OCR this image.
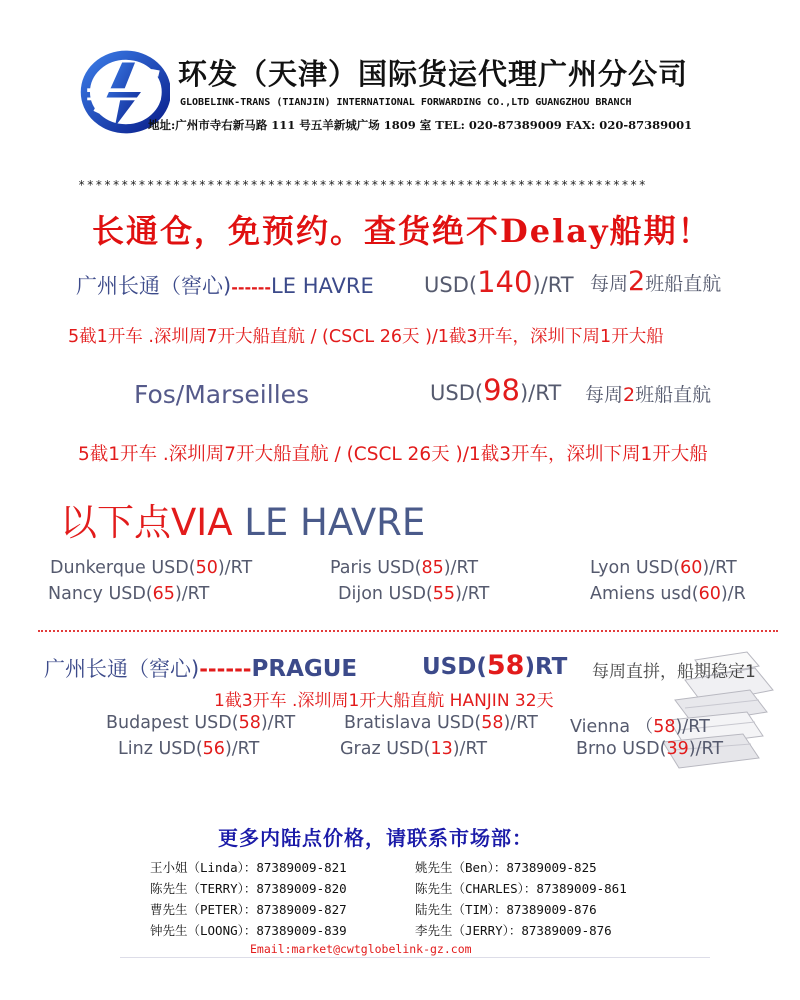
环发（天津）国际货运代理广州分公司
GLOBELINK-TRANS (TIANJIN) INTERNATIONAL FORWARDING CO.,LTD GUANGZHOU BRANCH
地址:广州市寺右新马路 111 号五羊新城广场 1809 室 TEL: 020-87389009 FAX: 020-87389001
******************************************************************
长通仓，免预约。查货绝不Delay船期！
广州长通（窖心)------LE HAVRE USD(140)/RT 每周2班船直航
5截1开车 .深圳周7开大船直航 / (CSCL 26天 )/1截3开车，深圳下周1开大船
Fos/Marseilles	USD(98)/RT 每周2班船直航
5截1开车 .深圳周7开大船直航 / (CSCL 26天 )/1截3开车，深圳下周1开大船
以下点VIA LE HAVRE
Dunkerque USD(50)/RT	Paris USD(85)/RT	Lyon USD(60)/RT
Nancy USD(65)/RT	Dijon USD(55)/RT	Amiens usd(60)/R
广州长通（窖心)------PRAGUE	USD(58)RT 每周直拼，船期稳定1
1截3开车 .深圳周1开大船直航 HANJIN 32天
Budapest USD(58)/RT	Bratislava USD(58)/RT Vienna （58)/RT
Linz USD(56)/RT	Graz USD(13)/RT	Brno USD(39)/RT
更多内陆点价格，请联系市场部：
王小姐（Linda）：87389009-821	姚先生（Ben）：87389009-825
陈先生（TERRY）：87389009-820	陈先生（CHARLES）：87389009-861
曹先生（PETER）：87389009-827	陆先生（TIM）：87389009-876
钟先生（LOONG）：87389009-839	李先生（JERRY）：87389009-876
Email:market@cwtglobelink-gz.com
